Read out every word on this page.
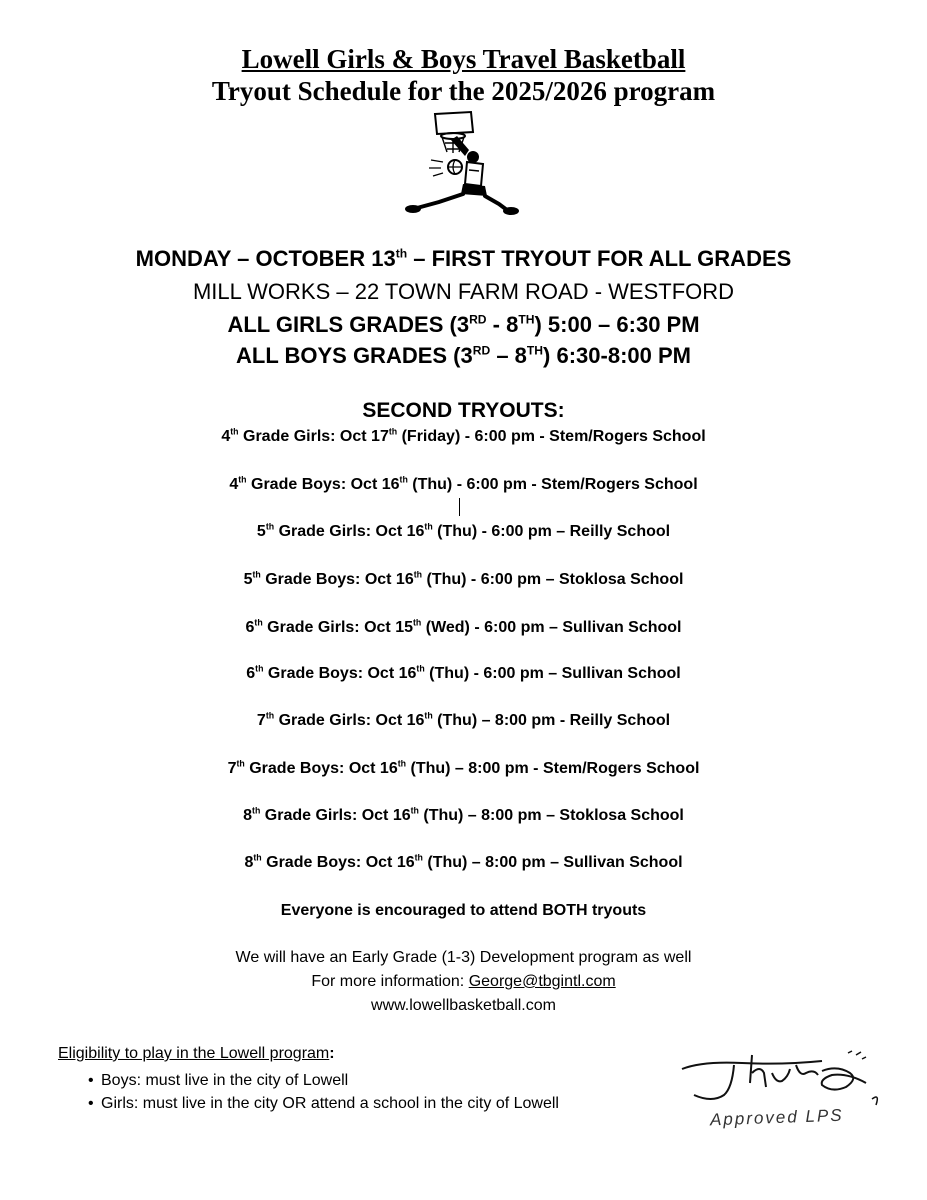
Lowell Girls & Boys Travel Basketball
Tryout Schedule for the 2025/2026 program
MONDAY – OCTOBER 13th – FIRST TRYOUT FOR ALL GRADES
MILL WORKS – 22 TOWN FARM ROAD - WESTFORD
ALL GIRLS GRADES (3RD - 8TH) 5:00 – 6:30 PM
ALL BOYS GRADES (3RD – 8TH) 6:30-8:00 PM
SECOND TRYOUTS:
4th Grade Girls: Oct 17th (Friday) - 6:00 pm - Stem/Rogers School
4th Grade Boys: Oct 16th (Thu) - 6:00 pm - Stem/Rogers School
5th Grade Girls: Oct 16th (Thu) - 6:00 pm – Reilly School
5th Grade Boys: Oct 16th (Thu) - 6:00 pm – Stoklosa School
6th Grade Girls: Oct 15th (Wed) - 6:00 pm – Sullivan School
6th Grade Boys: Oct 16th (Thu) - 6:00 pm – Sullivan School
7th Grade Girls: Oct 16th (Thu) – 8:00 pm - Reilly School
7th Grade Boys: Oct 16th (Thu) – 8:00 pm - Stem/Rogers School
8th Grade Girls: Oct 16th (Thu) – 8:00 pm – Stoklosa School
8th Grade Boys: Oct 16th (Thu) – 8:00 pm – Sullivan School
Everyone is encouraged to attend BOTH tryouts
We will have an Early Grade (1-3) Development program as well
For more information: George@tbgintl.com
www.lowellbasketball.com
Eligibility to play in the Lowell program:
• Boys: must live in the city of Lowell
• Girls: must live in the city OR attend a school in the city of Lowell
Approved LPS
